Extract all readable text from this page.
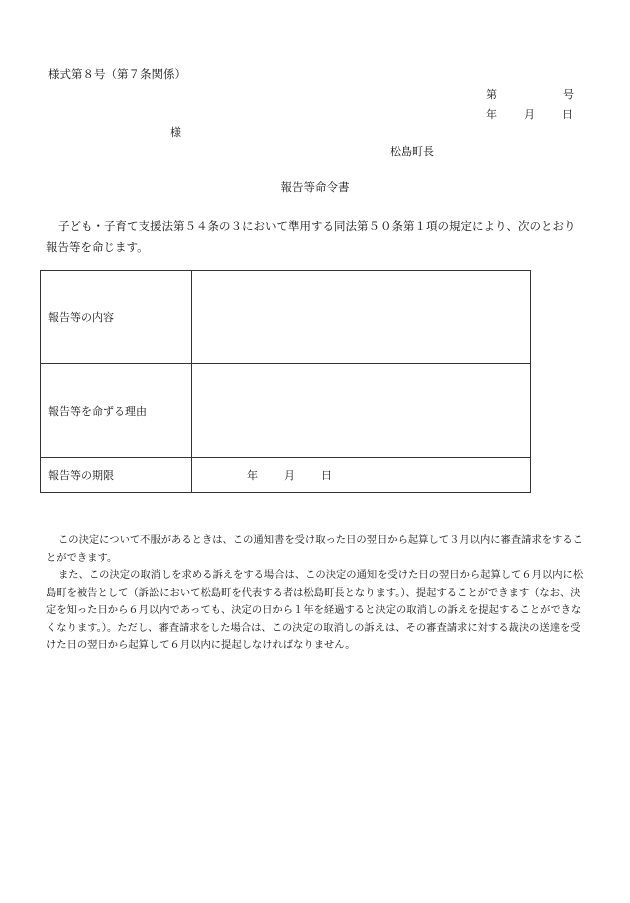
様式第８号（第７条関係）
第	号
年 月 日
様
松島町長
報告等命令書
子ども・子育て支援法第５４条の３において準用する同法第５０条第１項の規定により、次のとおり報告等を命じます。
報告等の内容	
報告等を命ずる理由	
報告等の期限	年 月 日

この決定について不服があるときは、この通知書を受け取った日の翌日から起算して３月以内に審査請求をすることができます。

また、この決定の取消しを求める訴えをする場合は、この決定の通知を受けた日の翌日から起算して６月以内に松島町を被告として（訴訟において松島町を代表する者は松島町長となります。）、提起することができます（なお、決定を知った日から６月以内であっても、決定の日から１年を経過すると決定の取消しの訴えを提起することができなくなります。）。ただし、審査請求をした場合は、この決定の取消しの訴えは、その審査請求に対する裁決の送達を受けた日の翌日から起算して６月以内に提起しなければなりません。
